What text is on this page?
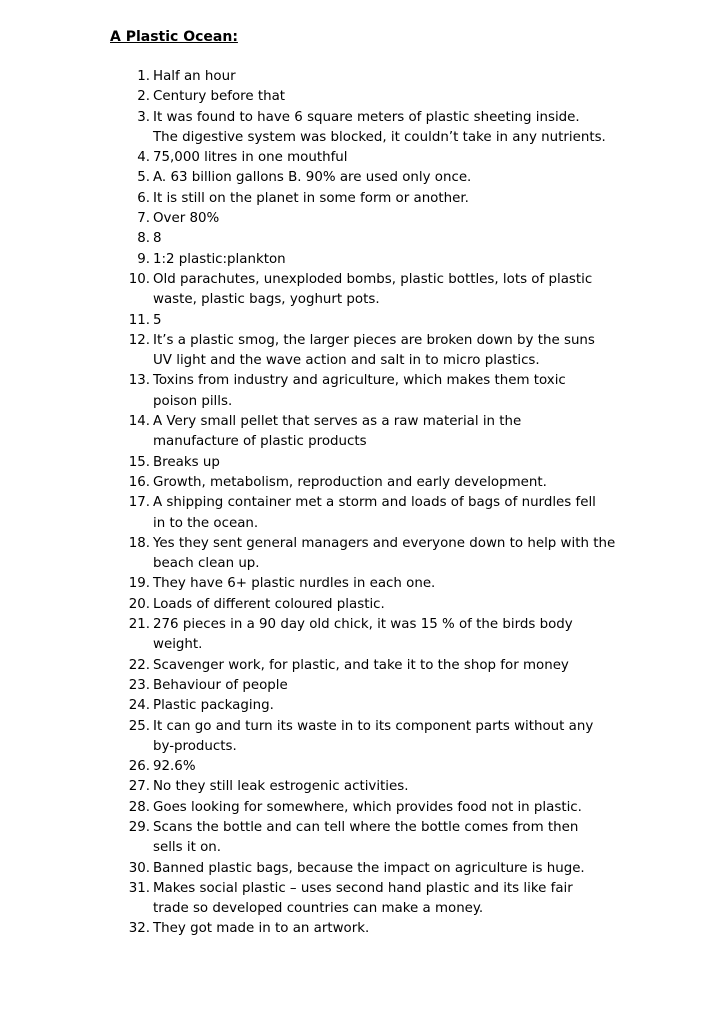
A Plastic Ocean:
1. Half an hour
2. Century before that
3. It was found to have 6 square meters of plastic sheeting inside.
The digestive system was blocked, it couldn’t take in any nutrients.
4. 75,000 litres in one mouthful
5. A. 63 billion gallons B. 90% are used only once.
6. It is still on the planet in some form or another.
7. Over 80%
8. 8
9. 1:2 plastic:plankton
10. Old parachutes, unexploded bombs, plastic bottles, lots of plastic
waste, plastic bags, yoghurt pots.
11. 5
12. It’s a plastic smog, the larger pieces are broken down by the suns
UV light and the wave action and salt in to micro plastics.
13. Toxins from industry and agriculture, which makes them toxic
poison pills.
14. A Very small pellet that serves as a raw material in the
manufacture of plastic products
15. Breaks up
16. Growth, metabolism, reproduction and early development.
17. A shipping container met a storm and loads of bags of nurdles fell
in to the ocean.
18. Yes they sent general managers and everyone down to help with the
beach clean up.
19. They have 6+ plastic nurdles in each one.
20. Loads of different coloured plastic.
21. 276 pieces in a 90 day old chick, it was 15 % of the birds body
weight.
22. Scavenger work, for plastic, and take it to the shop for money
23. Behaviour of people
24. Plastic packaging.
25. It can go and turn its waste in to its component parts without any
by-products.
26. 92.6%
27. No they still leak estrogenic activities.
28. Goes looking for somewhere, which provides food not in plastic.
29. Scans the bottle and can tell where the bottle comes from then
sells it on.
30. Banned plastic bags, because the impact on agriculture is huge.
31. Makes social plastic – uses second hand plastic and its like fair
trade so developed countries can make a money.
32. They got made in to an artwork.
